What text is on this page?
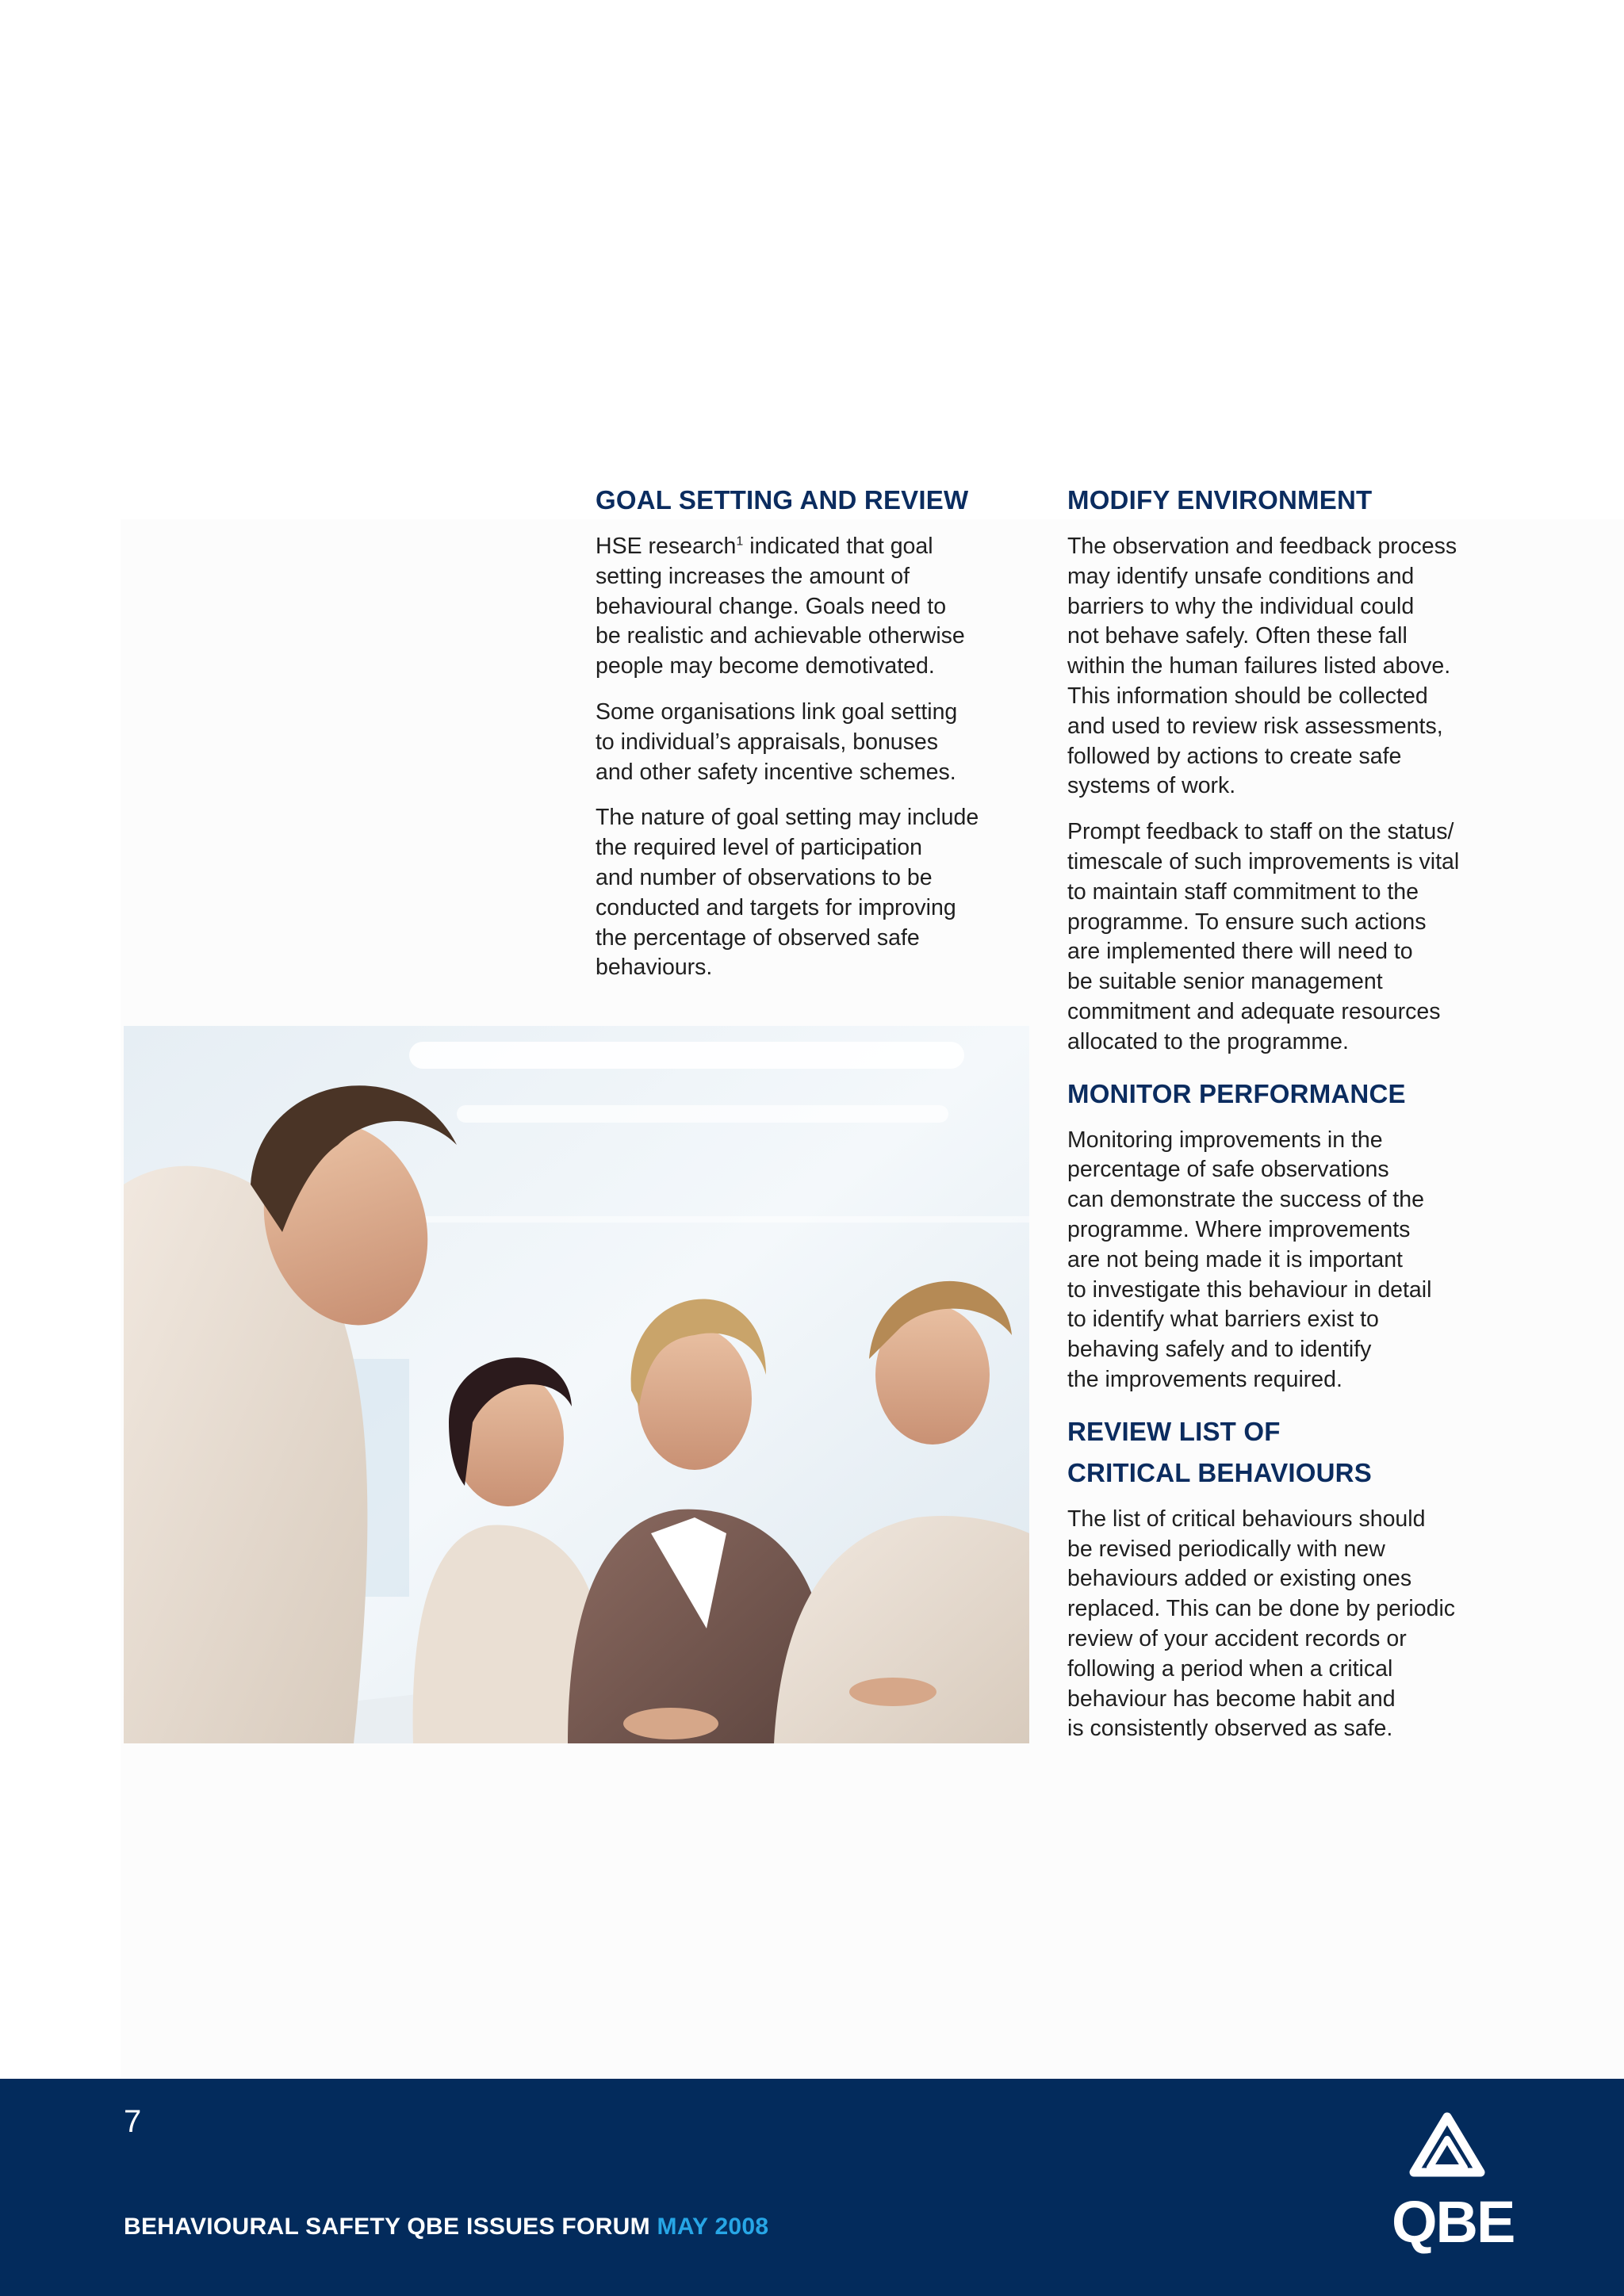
GOAL SETTING AND REVIEW

HSE research$^1$ indicated that goal
setting increases the amount of
behavioural change. Goals need to
be realistic and achievable otherwise
people may become demotivated.

Some organisations link goal setting
to individual’s appraisals, bonuses
and other safety incentive schemes.

The nature of goal setting may include
the required level of participation
and number of observations to be
conducted and targets for improving
the percentage of observed safe
behaviours.

MODIFY ENVIRONMENT

The observation and feedback process
may identify unsafe conditions and
barriers to why the individual could
not behave safely. Often these fall
within the human failures listed above.
This information should be collected
and used to review risk assessments,
followed by actions to create safe
systems of work.

Prompt feedback to staff on the status/
timescale of such improvements is vital
to maintain staff commitment to the
programme. To ensure such actions
are implemented there will need to
be suitable senior management
commitment and adequate resources
allocated to the programme.

MONITOR PERFORMANCE

Monitoring improvements in the
percentage of safe observations
can demonstrate the success of the
programme. Where improvements
are not being made it is important
to investigate this behaviour in detail
to identify what barriers exist to
behaving safely and to identify
the improvements required.

REVIEW LIST OF
CRITICAL BEHAVIOURS

The list of critical behaviours should
be revised periodically with new
behaviours added or existing ones
replaced. This can be done by periodic
review of your accident records or
following a period when a critical
behaviour has become habit and
is consistently observed as safe.

7
BEHAVIOURAL SAFETY QBE ISSUES FORUM MAY 2008	QBE
